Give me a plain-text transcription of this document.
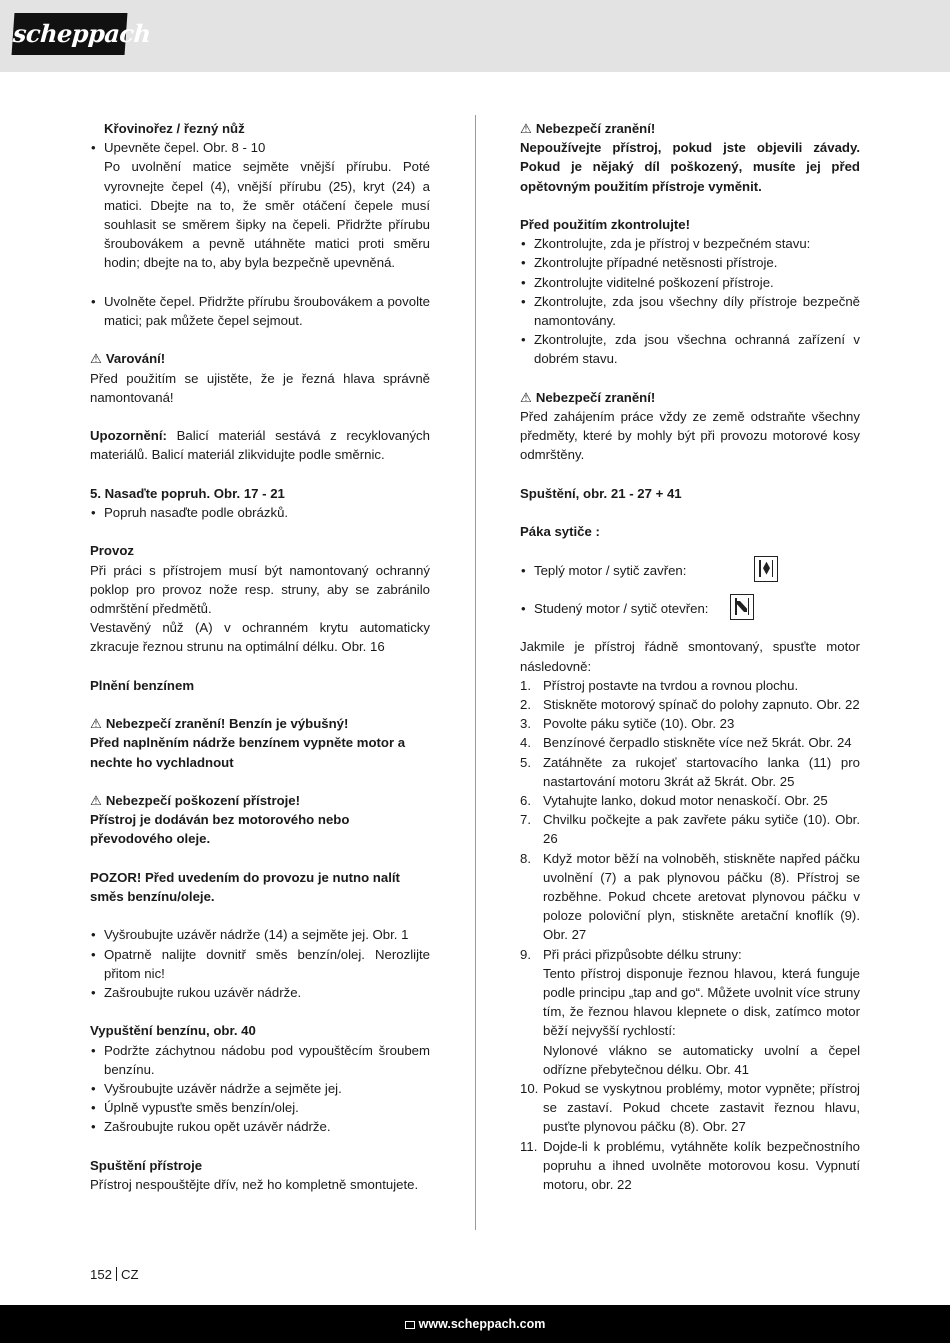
scheppach
Křovinořez / řezný nůž
• Upevněte čepel. Obr. 8 - 10
Po uvolnění matice sejměte vnější přírubu. Poté vyrovnejte čepel (4), vnější přírubu (25), kryt (24) a matici. Dbejte na to, že směr otáčení čepele musí souhlasit se směrem šipky na čepeli. Přidržte přírubu šroubovákem a pevně utáhněte matici proti směru hodin; dbejte na to, aby byla bezpečně upevněná.
• Uvolněte čepel. Přidržte přírubu šroubovákem a povolte matici; pak můžete čepel sejmout.
⚠ Varování!
Před použitím se ujistěte, že je řezná hlava správně namontovaná!
Upozornění: Balicí materiál sestává z recyklovaných materiálů. Balicí materiál zlikvidujte podle směrnic.
5. Nasaďte popruh. Obr. 17 - 21
• Popruh nasaďte podle obrázků.
Provoz
Při práci s přístrojem musí být namontovaný ochranný poklop pro provoz nože resp. struny, aby se zabránilo odmrštění předmětů.
Vestavěný nůž (A) v ochranném krytu automaticky zkracuje řeznou strunu na optimální délku. Obr. 16
Plnění benzínem
⚠ Nebezpečí zranění! Benzín je výbušný!
Před naplněním nádrže benzínem vypněte motor a nechte ho vychladnout
⚠ Nebezpečí poškození přístroje!
Přístroj je dodáván bez motorového nebo převodového oleje.
POZOR! Před uvedením do provozu je nutno nalít směs benzínu/oleje.
• Vyšroubujte uzávěr nádrže (14) a sejměte jej. Obr. 1
• Opatrně nalijte dovnitř směs benzín/olej. Nerozlijte přitom nic!
• Zašroubujte rukou uzávěr nádrže.
Vypuštění benzínu, obr. 40
• Podržte záchytnou nádobu pod vypouštěcím šroubem benzínu.
• Vyšroubujte uzávěr nádrže a sejměte jej.
• Úplně vypusťte směs benzín/olej.
• Zašroubujte rukou opět uzávěr nádrže.
Spuštění přístroje
Přístroj nespouštějte dřív, než ho kompletně smontujete.
⚠ Nebezpečí zranění!
Nepoužívejte přístroj, pokud jste objevili závady. Pokud je nějaký díl poškozený, musíte jej před opětovným použitím přístroje vyměnit.
Před použitím zkontrolujte!
• Zkontrolujte, zda je přístroj v bezpečném stavu:
• Zkontrolujte případné netěsnosti přístroje.
• Zkontrolujte viditelné poškození přístroje.
• Zkontrolujte, zda jsou všechny díly přístroje bezpečně namontovány.
• Zkontrolujte, zda jsou všechna ochranná zařízení v dobrém stavu.
⚠ Nebezpečí zranění!
Před zahájením práce vždy ze země odstraňte všechny předměty, které by mohly být při provozu motorové kosy odmrštěny.
Spuštění, obr. 21 - 27 + 41
Páka sytiče :
• Teplý motor / sytič zavřen:
• Studený motor / sytič otevřen:
Jakmile je přístroj řádně smontovaný, spusťte motor následovně:
1. Přístroj postavte na tvrdou a rovnou plochu.
2. Stiskněte motorový spínač do polohy zapnuto. Obr. 22
3. Povolte páku sytiče (10). Obr. 23
4. Benzínové čerpadlo stiskněte více než 5krát. Obr. 24
5. Zatáhněte za rukojeť startovacího lanka (11) pro nastartování motoru 3krát až 5krát. Obr. 25
6. Vytahujte lanko, dokud motor nenaskočí. Obr. 25
7. Chvilku počkejte a pak zavřete páku sytiče (10). Obr. 26
8. Když motor běží na volnoběh, stiskněte napřed páčku uvolnění (7) a pak plynovou páčku (8). Přístroj se rozběhne. Pokud chcete aretovat plynovou páčku v poloze poloviční plyn, stiskněte aretační knoflík (9). Obr. 27
9. Při práci přizpůsobte délku struny:
Tento přístroj disponuje řeznou hlavou, která funguje podle principu „tap and go“. Můžete uvolnit více struny tím, že řeznou hlavou klepnete o disk, zatímco motor běží nejvyšší rychlostí:
Nylonové vlákno se automaticky uvolní a čepel odřízne přebytečnou délku. Obr. 41
10. Pokud se vyskytnou problémy, motor vypněte; přístroj se zastaví. Pokud chcete zastavit řeznou hlavu, pusťte plynovou páčku (8). Obr. 27
11. Dojde-li k problému, vytáhněte kolík bezpečnostního popruhu a ihned uvolněte motorovou kosu. Vypnutí motoru, obr. 22
152 CZ
www.scheppach.com
